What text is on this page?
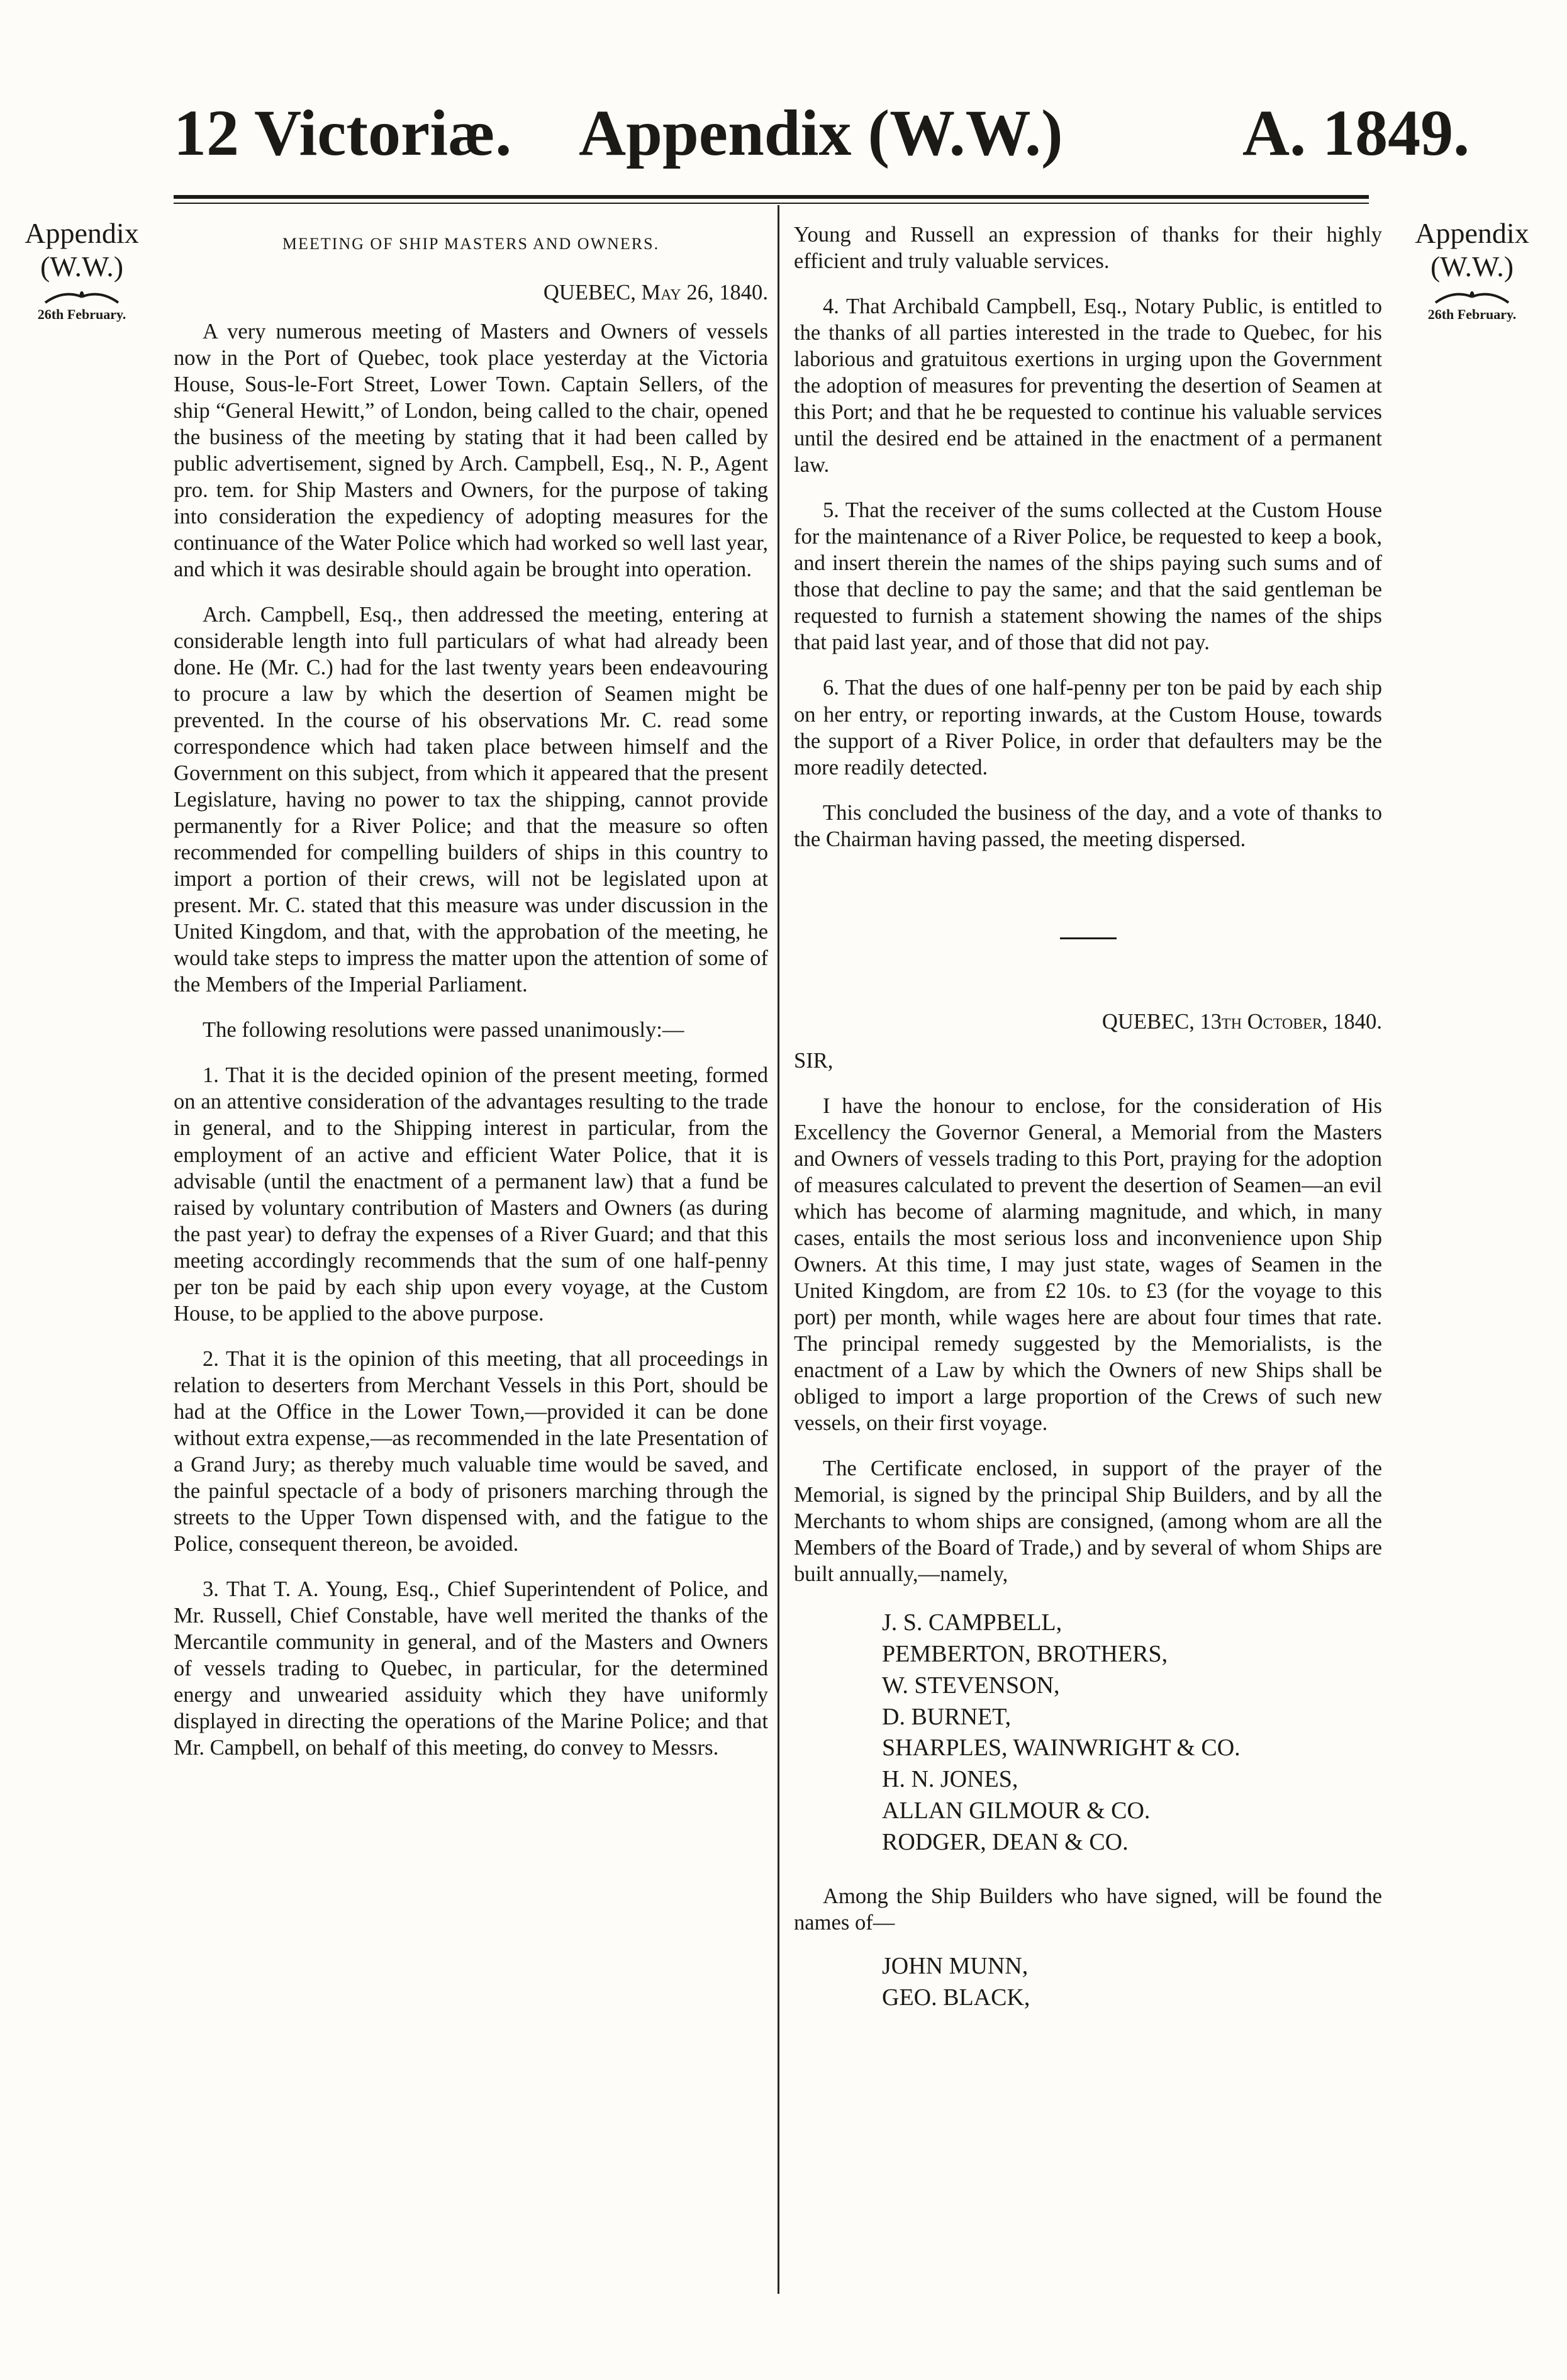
12 Victoriæ. Appendix (W.W.)	A. 1849.
Appendix
(W.W.)
26th February.
Appendix
(W.W.)
26th February.

MEETING OF SHIP MASTERS AND OWNERS.

QUEBEC, May 26, 1840.

A very numerous meeting of Masters and Owners of vessels now in the Port of Quebec, took place yesterday at the Victoria House, Sous-le-Fort Street, Lower Town. Captain Sellers, of the ship “General Hewitt,” of London, being called to the chair, opened the business of the meeting by stating that it had been called by public advertisement, signed by Arch. Campbell, Esq., N. P., Agent pro. tem. for Ship Masters and Owners, for the purpose of taking into consideration the expediency of adopting measures for the continuance of the Water Police which had worked so well last year, and which it was desirable should again be brought into operation.

Arch. Campbell, Esq., then addressed the meeting, entering at considerable length into full particulars of what had already been done. He (Mr. C.) had for the last twenty years been endeavouring to procure a law by which the desertion of Seamen might be prevented. In the course of his observations Mr. C. read some correspondence which had taken place between himself and the Government on this subject, from which it appeared that the present Legislature, having no power to tax the shipping, cannot provide permanently for a River Police; and that the measure so often recommended for compelling builders of ships in this country to import a portion of their crews, will not be legislated upon at present. Mr. C. stated that this measure was under discussion in the United Kingdom, and that, with the approbation of the meeting, he would take steps to impress the matter upon the attention of some of the Members of the Imperial Parliament.

The following resolutions were passed unanimously:—

1. That it is the decided opinion of the present meeting, formed on an attentive consideration of the advantages resulting to the trade in general, and to the Shipping interest in particular, from the employment of an active and efficient Water Police, that it is advisable (until the enactment of a permanent law) that a fund be raised by voluntary contribution of Masters and Owners (as during the past year) to defray the expenses of a River Guard; and that this meeting accordingly recommends that the sum of one half-penny per ton be paid by each ship upon every voyage, at the Custom House, to be applied to the above purpose.

2. That it is the opinion of this meeting, that all proceedings in relation to deserters from Merchant Vessels in this Port, should be had at the Office in the Lower Town,—provided it can be done without extra expense,—as recommended in the late Presentation of a Grand Jury; as thereby much valuable time would be saved, and the painful spectacle of a body of prisoners marching through the streets to the Upper Town dispensed with, and the fatigue to the Police, consequent thereon, be avoided.

3. That T. A. Young, Esq., Chief Superintendent of Police, and Mr. Russell, Chief Constable, have well merited the thanks of the Mercantile community in general, and of the Masters and Owners of vessels trading to Quebec, in particular, for the determined energy and unwearied assiduity which they have uniformly displayed in directing the operations of the Marine Police; and that Mr. Campbell, on behalf of this meeting, do convey to Messrs.

Young and Russell an expression of thanks for their highly efficient and truly valuable services.

4. That Archibald Campbell, Esq., Notary Public, is entitled to the thanks of all parties interested in the trade to Quebec, for his laborious and gratuitous exertions in urging upon the Government the adoption of measures for preventing the desertion of Seamen at this Port; and that he be requested to continue his valuable services until the desired end be attained in the enactment of a permanent law.

5. That the receiver of the sums collected at the Custom House for the maintenance of a River Police, be requested to keep a book, and insert therein the names of the ships paying such sums and of those that decline to pay the same; and that the said gentleman be requested to furnish a statement showing the names of the ships that paid last year, and of those that did not pay.

6. That the dues of one half-penny per ton be paid by each ship on her entry, or reporting inwards, at the Custom House, towards the support of a River Police, in order that defaulters may be the more readily detected.

This concluded the business of the day, and a vote of thanks to the Chairman having passed, the meeting dispersed.

QUEBEC, 13th October, 1840.

SIR,

I have the honour to enclose, for the consideration of His Excellency the Governor General, a Memorial from the Masters and Owners of vessels trading to this Port, praying for the adoption of measures calculated to prevent the desertion of Seamen—an evil which has become of alarming magnitude, and which, in many cases, entails the most serious loss and inconvenience upon Ship Owners. At this time, I may just state, wages of Seamen in the United Kingdom, are from £2 10s. to £3 (for the voyage to this port) per month, while wages here are about four times that rate. The principal remedy suggested by the Memorialists, is the enactment of a Law by which the Owners of new Ships shall be obliged to import a large proportion of the Crews of such new vessels, on their first voyage.

The Certificate enclosed, in support of the prayer of the Memorial, is signed by the principal Ship Builders, and by all the Merchants to whom ships are consigned, (among whom are all the Members of the Board of Trade,) and by several of whom Ships are built annually,—namely,

J. S. CAMPBELL,
PEMBERTON, BROTHERS,
W. STEVENSON,
D. BURNET,
SHARPLES, WAINWRIGHT & CO.
H. N. JONES,
ALLAN GILMOUR & CO.
RODGER, DEAN & CO.

Among the Ship Builders who have signed, will be found the names of—

JOHN MUNN,
GEO. BLACK,
